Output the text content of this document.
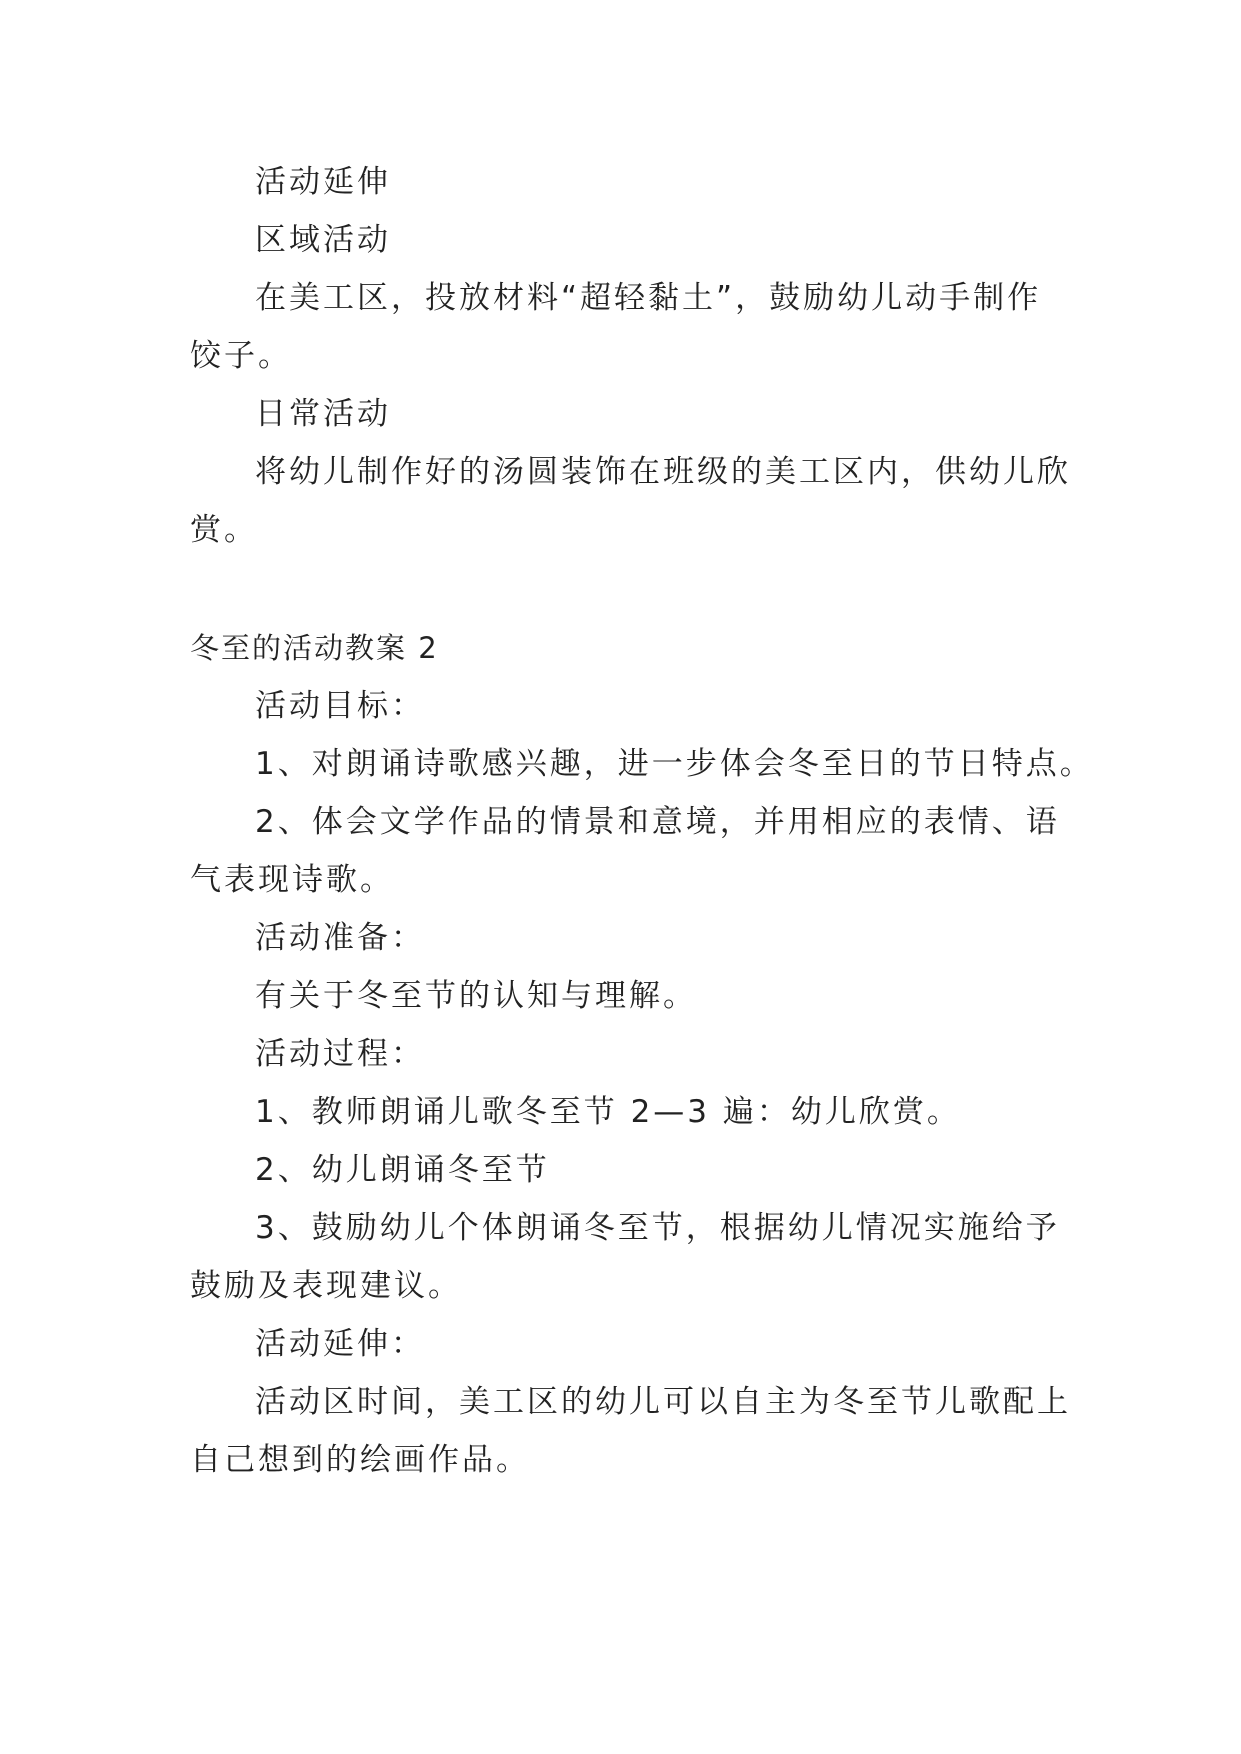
活动延伸
区域活动
在美工区，投放材料“超轻黏土”，鼓励幼儿动手制作
饺子。
日常活动
将幼儿制作好的汤圆装饰在班级的美工区内，供幼儿欣
赏。
冬至的活动教案 2
活动目标：
1、对朗诵诗歌感兴趣，进一步体会冬至日的节日特点。
2、体会文学作品的情景和意境，并用相应的表情、语
气表现诗歌。
活动准备：
有关于冬至节的认知与理解。
活动过程：
1、教师朗诵儿歌冬至节 2—3 遍：幼儿欣赏。
2、幼儿朗诵冬至节
3、鼓励幼儿个体朗诵冬至节，根据幼儿情况实施给予
鼓励及表现建议。
活动延伸：
活动区时间，美工区的幼儿可以自主为冬至节儿歌配上
自己想到的绘画作品。
